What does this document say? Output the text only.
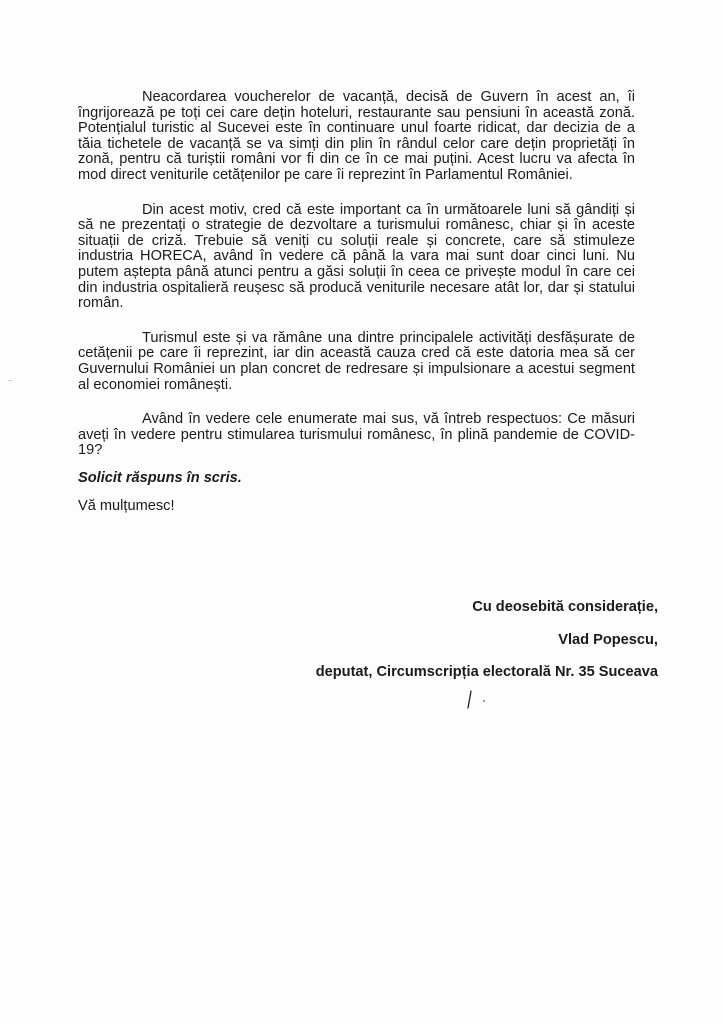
Neacordarea voucherelor de vacanță, decisă de Guvern în acest an, îi îngrijorează pe toți cei care dețin hoteluri, restaurante sau pensiuni în această zonă. Potențialul turistic al Sucevei este în continuare unul foarte ridicat, dar decizia de a tăia tichetele de vacanță se va simți din plin în rândul celor care dețin proprietăți în zonă, pentru că turiștii români vor fi din ce în ce mai puțini. Acest lucru va afecta în mod direct veniturile cetățenilor pe care îi reprezint în Parlamentul României.

Din acest motiv, cred că este important ca în următoarele luni să gândiți și să ne prezentați o strategie de dezvoltare a turismului românesc, chiar și în aceste situații de criză. Trebuie să veniți cu soluții reale și concrete, care să stimuleze industria HORECA, având în vedere că până la vara mai sunt doar cinci luni. Nu putem aștepta până atunci pentru a găsi soluții în ceea ce privește modul în care cei din industria ospitalieră reușesc să producă veniturile necesare atât lor, dar și statului român.

Turismul este și va rămâne una dintre principalele activități desfășurate de cetățenii pe care îi reprezint, iar din această cauza cred că este datoria mea să cer Guvernului României un plan concret de redresare și impulsionare a acestui segment al economiei românești.

Având în vedere cele enumerate mai sus, vă întreb respectuos: Ce măsuri aveți în vedere pentru stimularea turismului românesc, în plină pandemie de COVID-19?

Solicit răspuns în scris.
Vă mulțumesc!
Cu deosebită considerație,
Vlad Popescu,
deputat, Circumscripția electorală Nr. 35 Suceava
